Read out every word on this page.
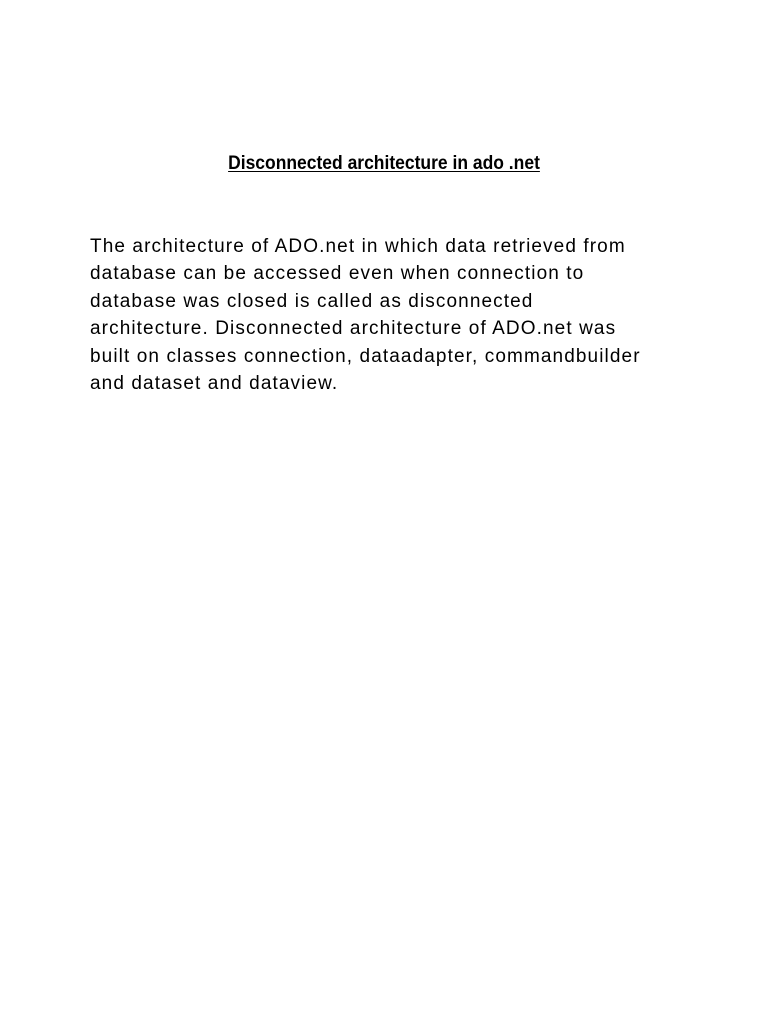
Disconnected architecture in ado .net

The architecture of ADO.net in which data retrieved from
database can be accessed even when connection to
database was closed is called as disconnected
architecture. Disconnected architecture of ADO.net was
built on classes connection, dataadapter, commandbuilder
and dataset and dataview.
